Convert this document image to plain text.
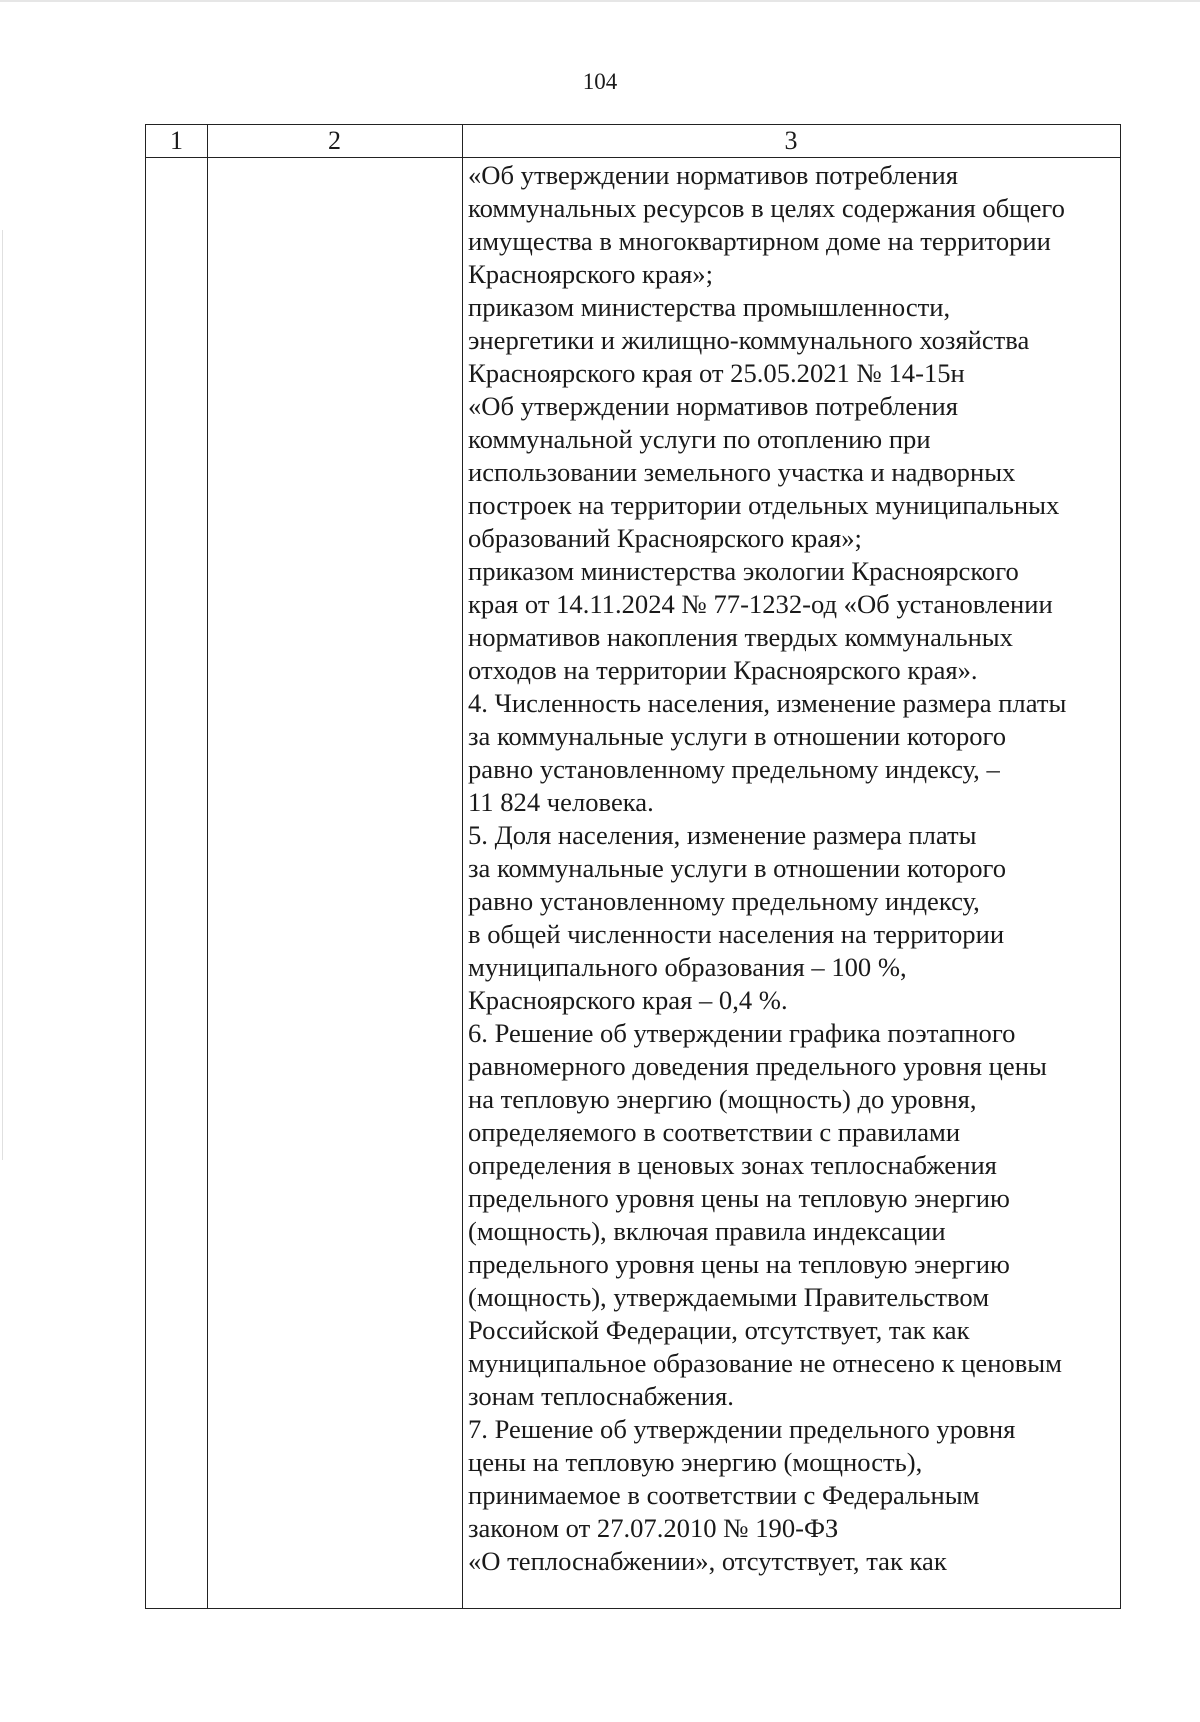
104
1	2	3
«Об утверждении нормативов потребления
коммунальных ресурсов в целях содержания общего
имущества в многоквартирном доме на территории
Красноярского края»;
приказом министерства промышленности,
энергетики и жилищно-коммунального хозяйства
Красноярского края от 25.05.2021 № 14-15н
«Об утверждении нормативов потребления
коммунальной услуги по отоплению при
использовании земельного участка и надворных
построек на территории отдельных муниципальных
образований Красноярского края»;
приказом министерства экологии Красноярского
края от 14.11.2024 № 77-1232-од «Об установлении
нормативов накопления твердых коммунальных
отходов на территории Красноярского края».
4. Численность населения, изменение размера платы
за коммунальные услуги в отношении которого
равно установленному предельному индексу, –
11 824 человека.
5. Доля населения, изменение размера платы
за коммунальные услуги в отношении которого
равно установленному предельному индексу,
в общей численности населения на территории
муниципального образования – 100 %,
Красноярского края – 0,4 %.
6. Решение об утверждении графика поэтапного
равномерного доведения предельного уровня цены
на тепловую энергию (мощность) до уровня,
определяемого в соответствии с правилами
определения в ценовых зонах теплоснабжения
предельного уровня цены на тепловую энергию
(мощность), включая правила индексации
предельного уровня цены на тепловую энергию
(мощность), утверждаемыми Правительством
Российской Федерации, отсутствует, так как
муниципальное образование не отнесено к ценовым
зонам теплоснабжения.
7. Решение об утверждении предельного уровня
цены на тепловую энергию (мощность),
принимаемое в соответствии с Федеральным
законом от 27.07.2010 № 190-ФЗ
«О теплоснабжении», отсутствует, так как
